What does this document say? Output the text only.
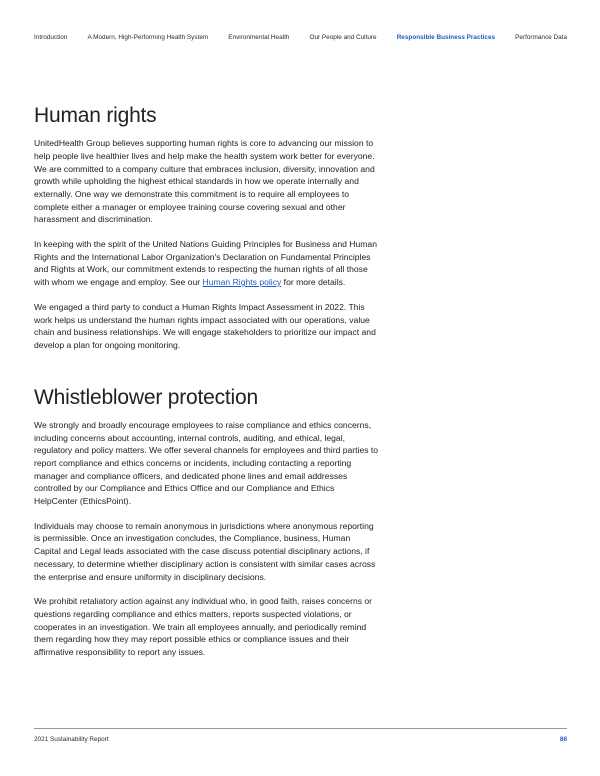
Introduction	A Modern, High-Performing Health System	Environmental Health	Our People and Culture	Responsible Business Practices	Performance Data
Human rights

UnitedHealth Group believes supporting human rights is core to advancing our mission to help people live healthier lives and help make the health system work better for everyone. We are committed to a company culture that embraces inclusion, diversity, innovation and growth while upholding the highest ethical standards in how we operate internally and externally. One way we demonstrate this commitment is to require all employees to complete either a manager or employee training course covering sexual and other harassment and discrimination.

In keeping with the spirit of the United Nations Guiding Principles for Business and Human Rights and the International Labor Organization's Declaration on Fundamental Principles and Rights at Work, our commitment extends to respecting the human rights of all those with whom we engage and employ. See our Human Rights policy for more details.

We engaged a third party to conduct a Human Rights Impact Assessment in 2022. This work helps us understand the human rights impact associated with our operations, value chain and business relationships. We will engage stakeholders to prioritize our impact and develop a plan for ongoing monitoring.

Whistleblower protection

We strongly and broadly encourage employees to raise compliance and ethics concerns, including concerns about accounting, internal controls, auditing, and ethical, legal, regulatory and policy matters. We offer several channels for employees and third parties to report compliance and ethics concerns or incidents, including contacting a reporting manager and compliance officers, and dedicated phone lines and email addresses controlled by our Compliance and Ethics Office and our Compliance and Ethics HelpCenter (EthicsPoint).

Individuals may choose to remain anonymous in jurisdictions where anonymous reporting is permissible. Once an investigation concludes, the Compliance, business, Human Capital and Legal leads associated with the case discuss potential disciplinary actions, if necessary, to determine whether disciplinary action is consistent with similar cases across the enterprise and ensure uniformity in disciplinary decisions.

We prohibit retaliatory action against any individual who, in good faith, raises concerns or questions regarding compliance and ethics matters, reports suspected violations, or cooperates in an investigation. We train all employees annually, and periodically remind them regarding how they may report possible ethics or compliance issues and their affirmative responsibility to report any issues.

2021 Sustainability Report	86
